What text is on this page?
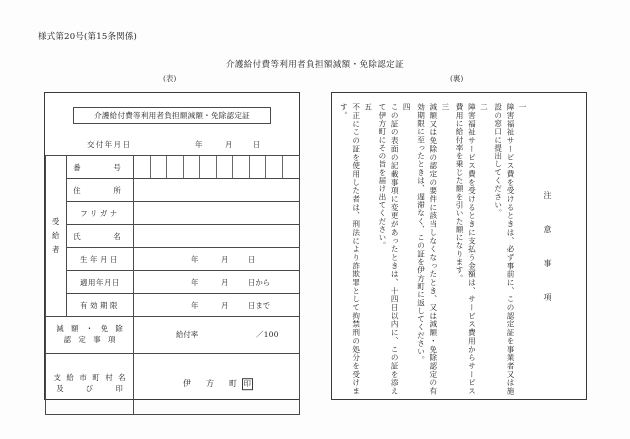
様式第20号(第15条関係)
介護給付費等利用者負担額減額・免除認定証
(表)	(裏)
介護給付費等利用者負担額減額・免除認定証
交付年月日	年	月	日
受
給
者	番　　号	

	住　　所	
	フリガナ	
	氏　　名	
	生年月日	年 月 日

	適用年月日	年 月 日から

	有効期限	年 月 日まで

減　額　・　免　除
認　定　事　項		給付率 ／100

支 給 市 町 村 名
及　　　び　　　印		伊　方　町 印
注　意　事　項
一
障害福祉サービス費を受けるときは、必ず事前に、この認定証を事業者又は施設の窓口に提出してください。
二
障害福祉サービス費を受けるときに支払う金額は、サービス費用からサービス費用に給付率を乗じた額を引いた額になります。
三
減額又は免除の認定の要件に該当しなくなったとき、又は減額・免除認定の有効期限に至ったときは、遅滞なく、この証を伊方町に返してください。
四
この証の表面の記載事項に変更があったときは、十四日以内に、この証を添えて伊方町にその旨を届け出てください。
五
不正にこの証を使用した者は、刑法により詐欺罪として拘禁刑の処分を受けます。
